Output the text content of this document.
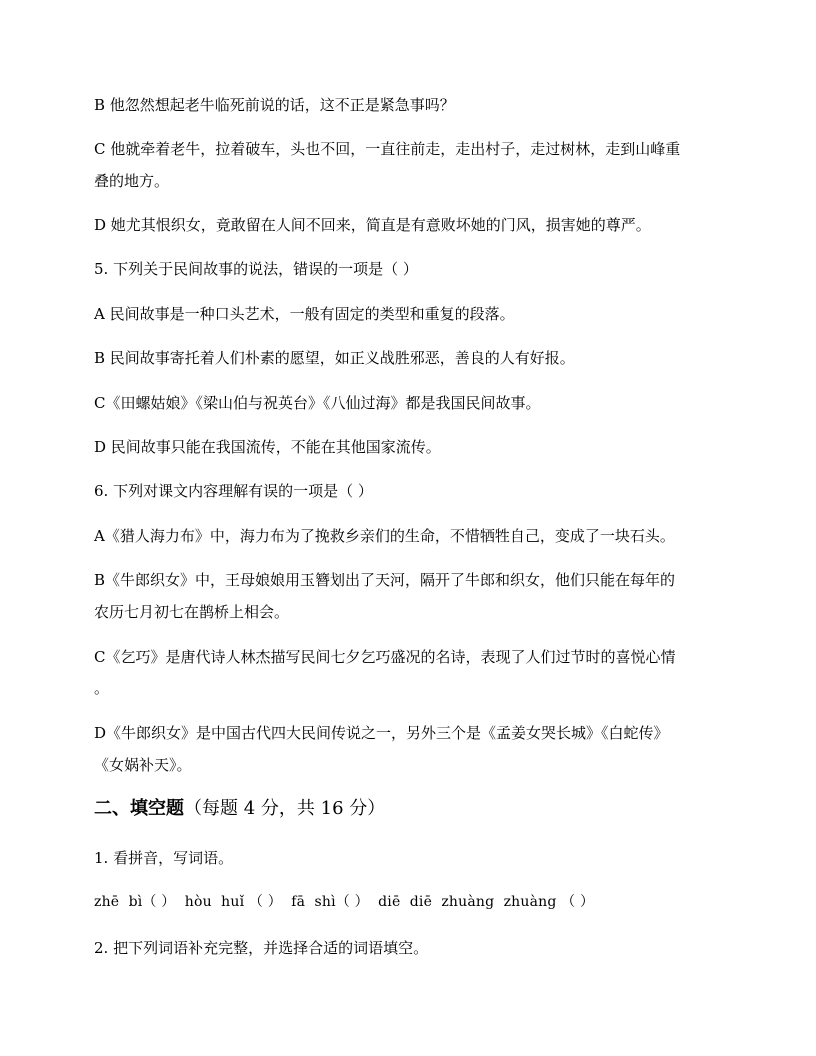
B 他忽然想起老牛临死前说的话，这不正是紧急事吗？
C 他就牵着老牛，拉着破车，头也不回，一直往前走，走出村子，走过树林，走到山峰重
叠的地方。
D 她尤其恨织女，竟敢留在人间不回来，简直是有意败坏她的门风，损害她的尊严。
5. 下列关于民间故事的说法，错误的一项是（ ）
A 民间故事是一种口头艺术，一般有固定的类型和重复的段落。
B 民间故事寄托着人们朴素的愿望，如正义战胜邪恶，善良的人有好报。
C《田螺姑娘》《梁山伯与祝英台》《八仙过海》都是我国民间故事。
D 民间故事只能在我国流传，不能在其他国家流传。
6. 下列对课文内容理解有误的一项是（ ）
A《猎人海力布》中，海力布为了挽救乡亲们的生命，不惜牺牲自己，变成了一块石头。
B《牛郎织女》中，王母娘娘用玉簪划出了天河，隔开了牛郎和织女，他们只能在每年的
农历七月初七在鹊桥上相会。
C《乞巧》是唐代诗人林杰描写民间七夕乞巧盛况的名诗，表现了人们过节时的喜悦心情
。
D《牛郎织女》是中国古代四大民间传说之一，另外三个是《孟姜女哭长城》《白蛇传》
《女娲补天》。
二、填空题（每题 4 分，共 16 分）
1. 看拼音，写词语。
zhē  bì（ ）  hòu  huǐ （ ）  fā  shì（ ）  diē  diē  zhuàng  zhuàng （ ）
2. 把下列词语补充完整，并选择合适的词语填空。
